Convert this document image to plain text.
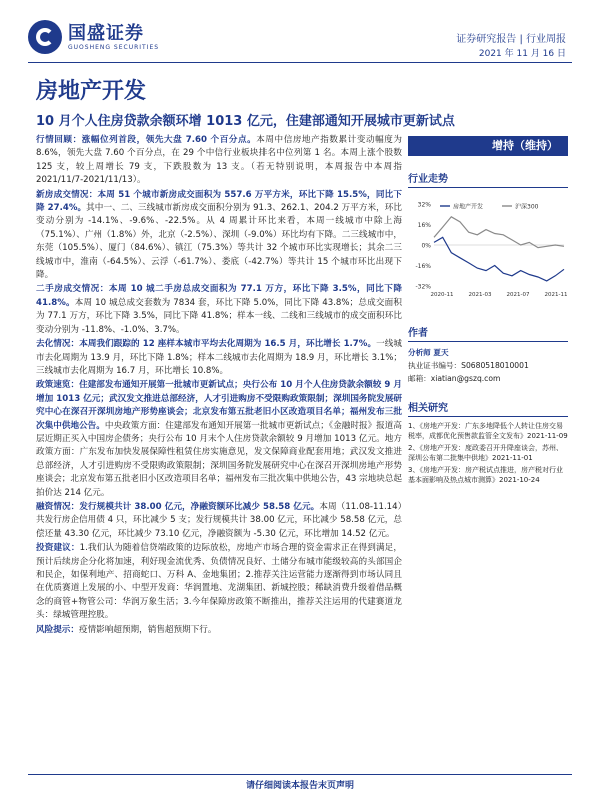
国盛证券
GUOSHENG SECURITIES
证券研究报告 | 行业周报
2021 年 11 月 16 日
房地产开发
10 月个人住房贷款余额环增 1013 亿元，住建部通知开展城市更新试点

行情回顾：涨幅位列首段，领先大盘 7.60 个百分点。本周中信房地产指数累计变动幅度为 8.6%，领先大盘 7.60 个百分点，在 29 个中信行业板块排名中位列第 1 名。本周上涨个股数 125 支，较上周增长 79 支，下跌股数为 13 支。（若无特别说明，本周报告中本周指 2021/11/7-2021/11/13）。

新房成交情况：本周 51 个城市新房成交面积为 557.6 万平方米，环比下降 15.5%，同比下降 27.4%。其中一、二、三线城市新房成交面积分别为 91.3、262.1、204.2 万平方米，环比变动分别为 -14.1%、-9.6%、-22.5%。从 4 周累计环比来看，本周一线城市中除上海（75.1%）、广州（1.8%）外，北京（-2.5%）、深圳（-9.0%）环比均有下降。二三线城市中，东莞（105.5%）、厦门（84.6%）、镇江（75.3%）等共计 32 个城市环比实现增长；其余二三线城市中，淮南（-64.5%）、云浮（-61.7%）、娄底（-42.7%）等共计 15 个城市环比出现下降。

二手房成交情况：本周 10 城二手房总成交面积为 77.1 万方，环比下降 3.5%，同比下降 41.8%。本周 10 城总成交套数为 7834 套，环比下降 5.0%，同比下降 43.8%；总成交面积为 77.1 万方，环比下降 3.5%，同比下降 41.8%；样本一线、二线和三线城市的成交面积环比变动分别为 -11.8%、-1.0%、3.7%。

去化情况：本周我们跟踪的 12 座样本城市平均去化周期为 16.5 月，环比增长 1.7%。一线城市去化周期为 13.9 月，环比下降 1.8%；样本二线城市去化周期为 18.9 月，环比增长 3.1%；三线城市去化周期为 16.7 月，环比增长 10.8%。

政策速览：住建部发布通知开展第一批城市更新试点；央行公布 10 月个人住房贷款余额较 9 月增加 1013 亿元；武汉发文推进总部经济，人才引进购房不受限购政策限制；深圳国务院发展研究中心在深召开深圳房地产形势座谈会；北京发布第五批老旧小区改造项目名单；福州发布三批次集中供地公告。中央政策方面：住建部发布通知开展第一批城市更新试点；《金融时报》报道高层近期正买入中国房企债务；央行公布 10 月末个人住房贷款余额较 9 月增加 1013 亿元。地方政策方面：广东发布加快发展保障性租赁住房实施意见，发文保障商业配套用地；武汉发文推进总部经济，人才引进购房不受限购政策限制；深圳国务院发展研究中心在深召开深圳房地产形势座谈会；北京发布第五批老旧小区改造项目名单；福州发布三批次集中供地公告，43 宗地块总起拍价达 214 亿元。

融资情况：发行规模共计 38.00 亿元，净融资额环比减少 58.58 亿元。本周（11.08-11.14）共发行房企信用债 4 只，环比减少 5 支；发行规模共计 38.00 亿元，环比减少 58.58 亿元，总偿还量 43.30 亿元，环比减少 73.10 亿元，净融资额为 -5.30 亿元，环比增加 14.52 亿元。

投资建议：1.我们认为随着信贷端政策的边际放松，房地产市场合理的资金需求正在得到满足，预计后续房企分化将加速，利好现金流优秀、负债情况良好、土储分布城市能级较高的头部国企和民企，如保利地产、招商蛇口、万科 A、金地集团；2.推荐关注运营能力逐渐得到市场认同且在优质赛道上发展的小、中型开发商：华润置地、龙湖集团、新城控股；稀缺消费升级着借品概念的商管+物管公司：华润万象生活；3.今年保障房政策不断推出，推荐关注运用的代建赛道龙头：绿城管理控股。

风险提示：疫情影响超预期，销售超预期下行。

增持（维持）
行业走势
32%
16%
0%
-16%
-32%
2020-11	2021-03	2021-07	2021-11
房地产开发	沪深300
作者
分析师 夏天
执业证书编号：S0680518010001
邮箱：xiatian@gszq.com
相关研究
1、《房地产开发：广东多地降低个人转让住房交易税率，成都优化预售款监管全文发布》2021-11-09
2、《房地产开发：度政委召开升降座谈会，苏州、深圳公布第二批集中供地》2021-11-01
3、《房地产开发：房产税试点推进，房产税对行业基本面影响及热点城市测算》2021-10-24
请仔细阅读本报告末页声明
